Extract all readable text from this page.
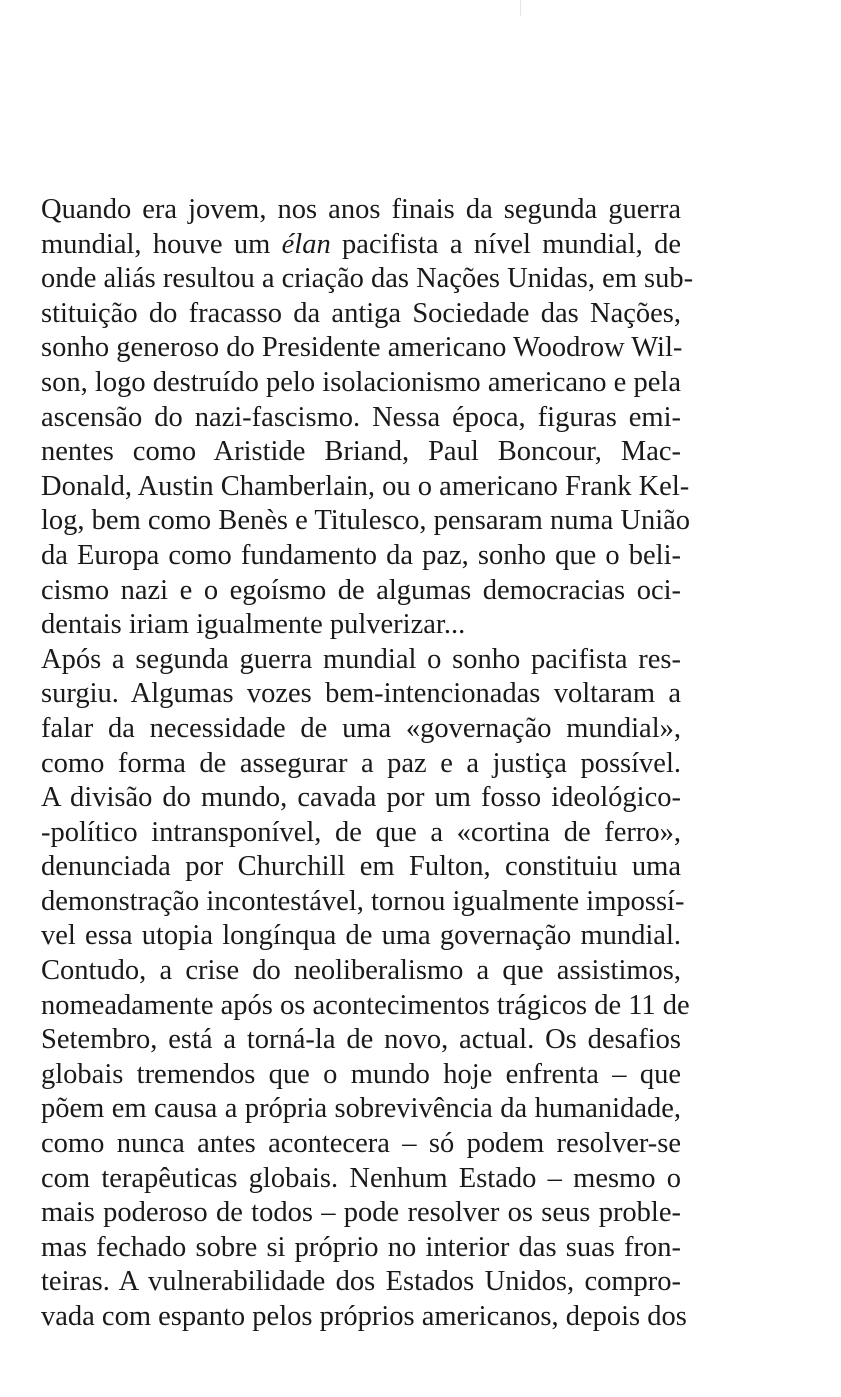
Quando era jovem, nos anos finais da segunda guerra
mundial, houve um élan pacifista a nível mundial, de
onde aliás resultou a criação das Nações Unidas, em sub-
stituição do fracasso da antiga Sociedade das Nações,
sonho generoso do Presidente americano Woodrow Wil-
son, logo destruído pelo isolacionismo americano e pela
ascensão do nazi-fascismo. Nessa época, figuras emi-
nentes como Aristide Briand, Paul Boncour, Mac-
Donald, Austin Chamberlain, ou o americano Frank Kel-
log, bem como Benès e Titulesco, pensaram numa União
da Europa como fundamento da paz, sonho que o beli-
cismo nazi e o egoísmo de algumas democracias oci-
dentais iriam igualmente pulverizar...
Após a segunda guerra mundial o sonho pacifista res-
surgiu. Algumas vozes bem-intencionadas voltaram a
falar da necessidade de uma «governação mundial»,
como forma de assegurar a paz e a justiça possível.
A divisão do mundo, cavada por um fosso ideológico-
-político intransponível, de que a «cortina de ferro»,
denunciada por Churchill em Fulton, constituiu uma
demonstração incontestável, tornou igualmente impossí-
vel essa utopia longínqua de uma governação mundial.
Contudo, a crise do neoliberalismo a que assistimos,
nomeadamente após os acontecimentos trágicos de 11 de
Setembro, está a torná-la de novo, actual. Os desafios
globais tremendos que o mundo hoje enfrenta – que
põem em causa a própria sobrevivência da humanidade,
como nunca antes acontecera – só podem resolver-se
com terapêuticas globais. Nenhum Estado – mesmo o
mais poderoso de todos – pode resolver os seus proble-
mas fechado sobre si próprio no interior das suas fron-
teiras. A vulnerabilidade dos Estados Unidos, compro-
vada com espanto pelos próprios americanos, depois dos
